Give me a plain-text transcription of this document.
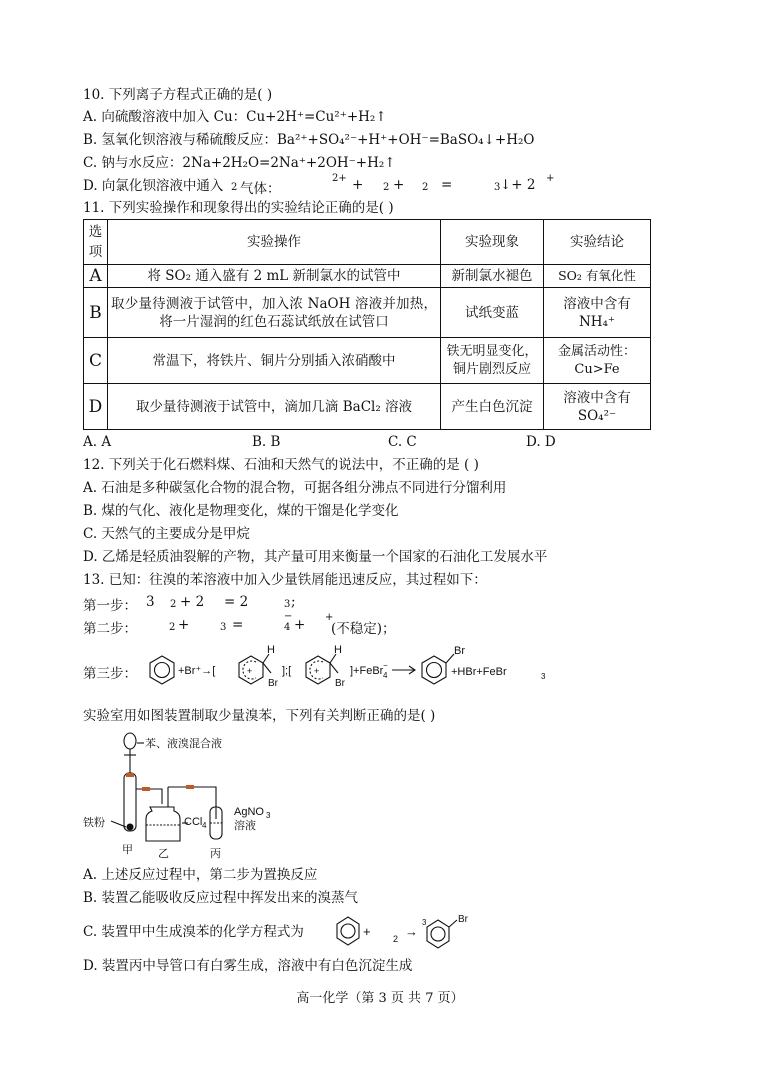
10. 下列离子方程式正确的是( )
A. 向硫酸溶液中加入 Cu：Cu+2H⁺=Cu²⁺+H₂↑
B. 氢氧化钡溶液与稀硫酸反应：Ba²⁺+SO₄²⁻+H⁺+OH⁻=BaSO₄↓+H₂O
C. 钠与水反应：2Na+2H₂O=2Na⁺+2OH⁻+H₂↑
D. 向氯化钡溶液中通入 2 气体：
2+ + 2 + 2 =	3 ↓+ 2 +
11. 下列实验操作和现象得出的实验结论正确的是( )
选项	实验操作	实验现象	实验结论
A	将 SO₂ 通入盛有 2 mL 新制氯水的试管中	新制氯水褪色	SO₂ 有氧化性
B	取少量待测液于试管中，加入浓 NaOH 溶液并加热，将一片湿润的红色石蕊试纸放在试管口	试纸变蓝	溶液中含有 NH₄⁺
C	常温下，将铁片、铜片分别插入浓硝酸中	铁无明显变化，铜片剧烈反应	金属活动性：Cu>Fe
D	取少量待测液于试管中，滴加几滴 BaCl₂ 溶液	产生白色沉淀	溶液中含有 SO₄²⁻
A. A	B. B	C. C	D. D
12. 下列关于化石燃料煤、石油和天然气的说法中，不正确的是 ( )
A. 石油是多种碳氢化合物的混合物，可据各组分沸点不同进行分馏利用
B. 煤的气化、液化是物理变化，煤的干馏是化学变化
C. 天然气的主要成分是甲烷
D. 乙烯是轻质油裂解的产物，其产量可用来衡量一个国家的石油化工发展水平
13. 已知：往溴的苯溶液中加入少量铁屑能迅速反应，其过程如下：
第一步： 3 2 + 2 = 2	3 ;
第二步：	2 +	3 =	4
−
+ +
(不稳定)；
第三步：	+Br⁺→[
H
+
Br
];[
H
+
Br
]+FeBr 4
−
Br
+HBr+FeBr	3
实验室用如图装置制取少量溴苯，下列有关判断正确的是( )
苯、液溴混合液
铁粉	CCl 4
AgNO 3
溶液
甲 乙	丙
A. 上述反应过程中，第二步为置换反应
B. 装置乙能吸收反应过程中挥发出来的溴蒸气
C. 装置甲中生成溴苯的化学方程式为	+ 2 →
3	Br
D. 装置丙中导管口有白雾生成，溶液中有白色沉淀生成
高一化学（第 3 页 共 7 页）
